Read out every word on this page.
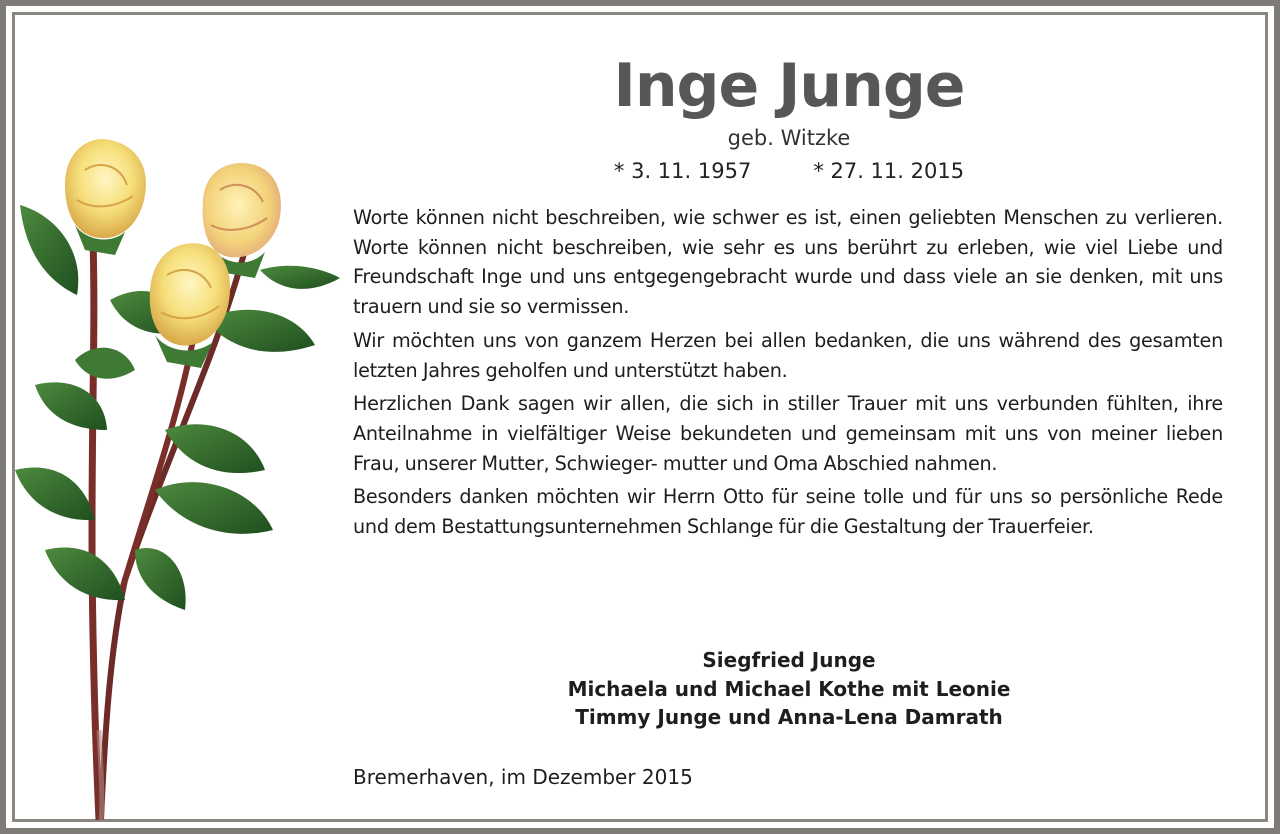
Inge Junge
geb. Witzke
* 3. 11. 1957	* 27. 11. 2015

Worte können nicht beschreiben, wie schwer es ist, einen geliebten Menschen zu verlieren. Worte können nicht beschreiben, wie sehr es uns berührt zu erleben, wie viel Liebe und Freundschaft Inge und uns entgegengebracht wurde und dass viele an sie denken, mit uns trauern und sie so vermissen.

Wir möchten uns von ganzem Herzen bei allen bedanken, die uns während des gesamten letzten Jahres geholfen und unterstützt haben.

Herzlichen Dank sagen wir allen, die sich in stiller Trauer mit uns verbunden fühlten, ihre Anteilnahme in vielfältiger Weise bekundeten und gemeinsam mit uns von meiner lieben Frau, unserer Mutter, Schwieger- mutter und Oma Abschied nahmen.

Besonders danken möchten wir Herrn Otto für seine tolle und für uns so persönliche Rede und dem Bestattungsunternehmen Schlange für die Gestaltung der Trauerfeier.

Siegfried Junge
Michaela und Michael Kothe mit Leonie
Timmy Junge und Anna-Lena Damrath
Bremerhaven, im Dezember 2015
